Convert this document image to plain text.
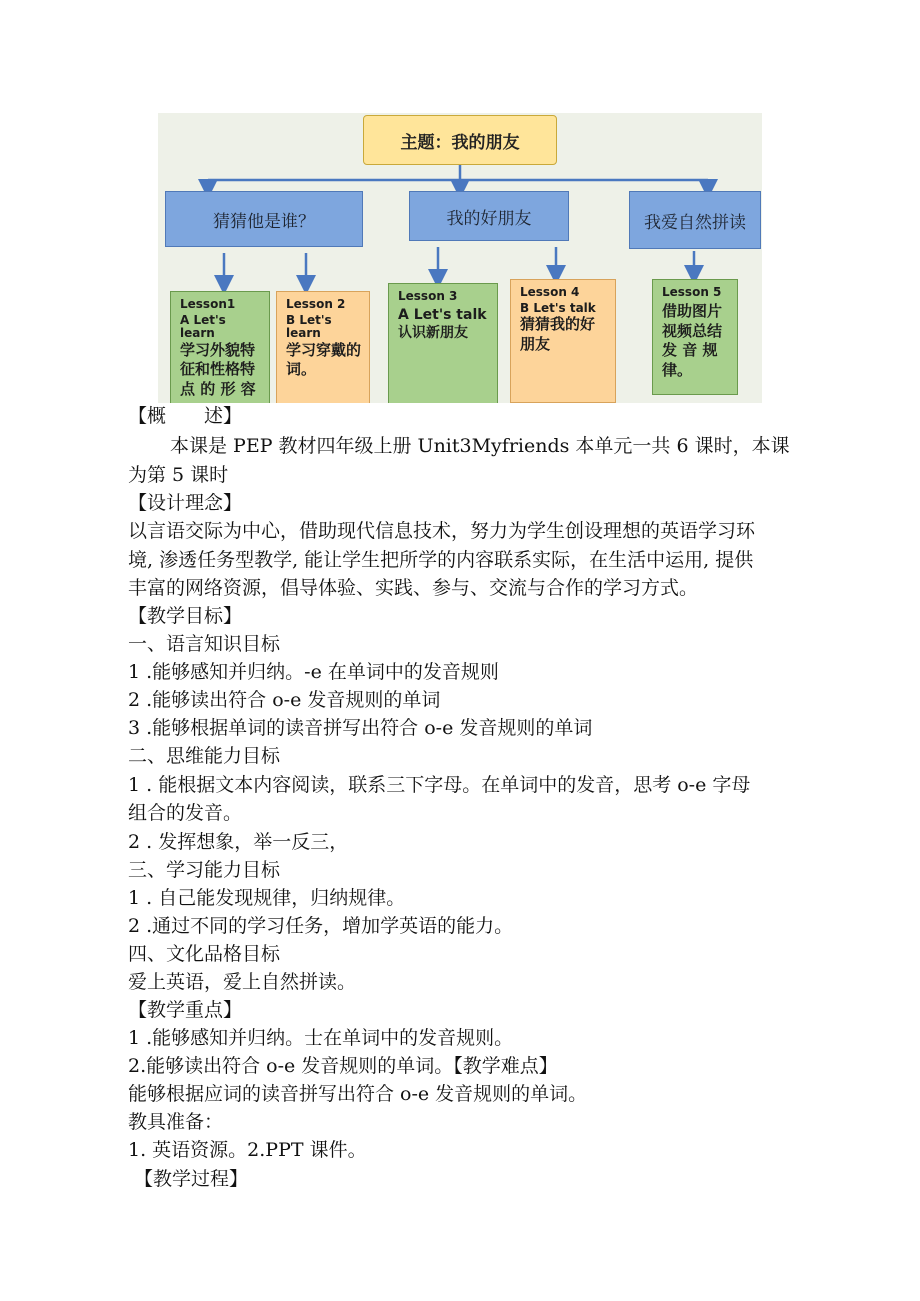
主题：我的朋友
猜猜他是谁？	我的好朋友	我爱自然拼读
Lesson1
A Let's learn
学习外貌特征和性格特点 的 形 容
Lesson 2
B Let's learn
学习穿戴的词。
Lesson 3
A Let's talk 认识新朋友
Lesson 4
B Let's talk
猜猜我的好朋友
Lesson 5
借助图片视频总结发 音 规律。

【概　　述】

本课是 PEP 教材四年级上册 Unit3Myfriends 本单元一共 6 课时，本课

为第 5 课时

【设计理念】

以言语交际为中心，借助现代信息技术，努力为学生创设理想的英语学习环

境, 渗透任务型教学, 能让学生把所学的内容联系实际，在生活中运用, 提供

丰富的网络资源，倡导体验、实践、参与、交流与合作的学习方式。

【教学目标】

一、语言知识目标

1 .能够感知并归纳。-e 在单词中的发音规则

2 .能够读出符合 o-e 发音规则的单词

3 .能够根据单词的读音拼写出符合 o-e 发音规则的单词

二、思维能力目标

1 . 能根据文本内容阅读，联系三下字母。在单词中的发音，思考 o-e 字母

组合的发音。

2 . 发挥想象，举一反三，

三、学习能力目标

1 . 自己能发现规律，归纳规律。

2 .通过不同的学习任务，增加学英语的能力。

四、文化品格目标

爱上英语，爱上自然拼读。

【教学重点】

1 .能够感知并归纳。士在单词中的发音规则。

2.能够读出符合 o-e 发音规则的单词。【教学难点】

能够根据应词的读音拼写出符合 o-e 发音规则的单词。

教具准备：

1. 英语资源。2.PPT 课件。

【教学过程】
